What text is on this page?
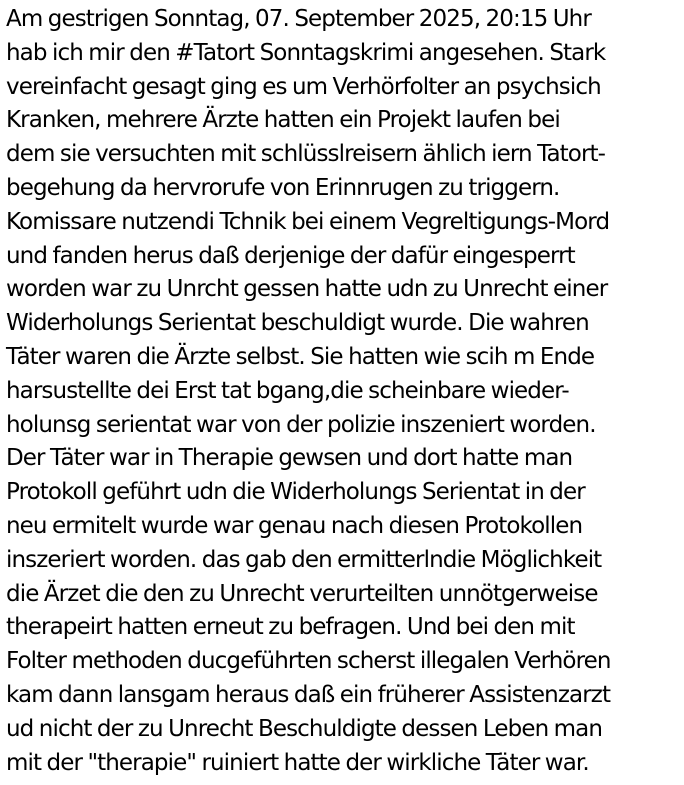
Am gestrigen Sonntag, 07. September 2025, 20:15 Uhr
hab ich mir den #Tatort Sonntagskrimi angesehen. Stark
vereinfacht gesagt ging es um Verhörfolter an psychsich
Kranken, mehrere Ärzte hatten ein Projekt laufen bei
dem sie versuchten mit schlüsslreisern ählich iern Tatort-
begehung da hervrorufe von Erinnrugen zu triggern.
Komissare nutzendi Tchnik bei einem Vegreltigungs-Mord
und fanden herus daß derjenige der dafür eingesperrt
worden war zu Unrcht gessen hatte udn zu Unrecht einer
Widerholungs Serientat beschuldigt wurde. Die wahren
Täter waren die Ärzte selbst. Sie hatten wie scih m Ende
harsustellte dei Erst tat bgang,die scheinbare wieder-
holunsg serientat war von der polizie inszeniert worden.
Der Täter war in Therapie gewsen und dort hatte man
Protokoll geführt udn die Widerholungs Serientat in der
neu ermitelt wurde war genau nach diesen Protokollen
inszeriert worden. das gab den ermitterlndie Möglichkeit
die Ärzet die den zu Unrecht verurteilten unnötgerweise
therapeirt hatten erneut zu befragen. Und bei den mit
Folter methoden ducgeführten scherst illegalen Verhören
kam dann lansgam heraus daß ein früherer Assistenzarzt
ud nicht der zu Unrecht Beschuldigte dessen Leben man
mit der "therapie" ruiniert hatte der wirkliche Täter war.
